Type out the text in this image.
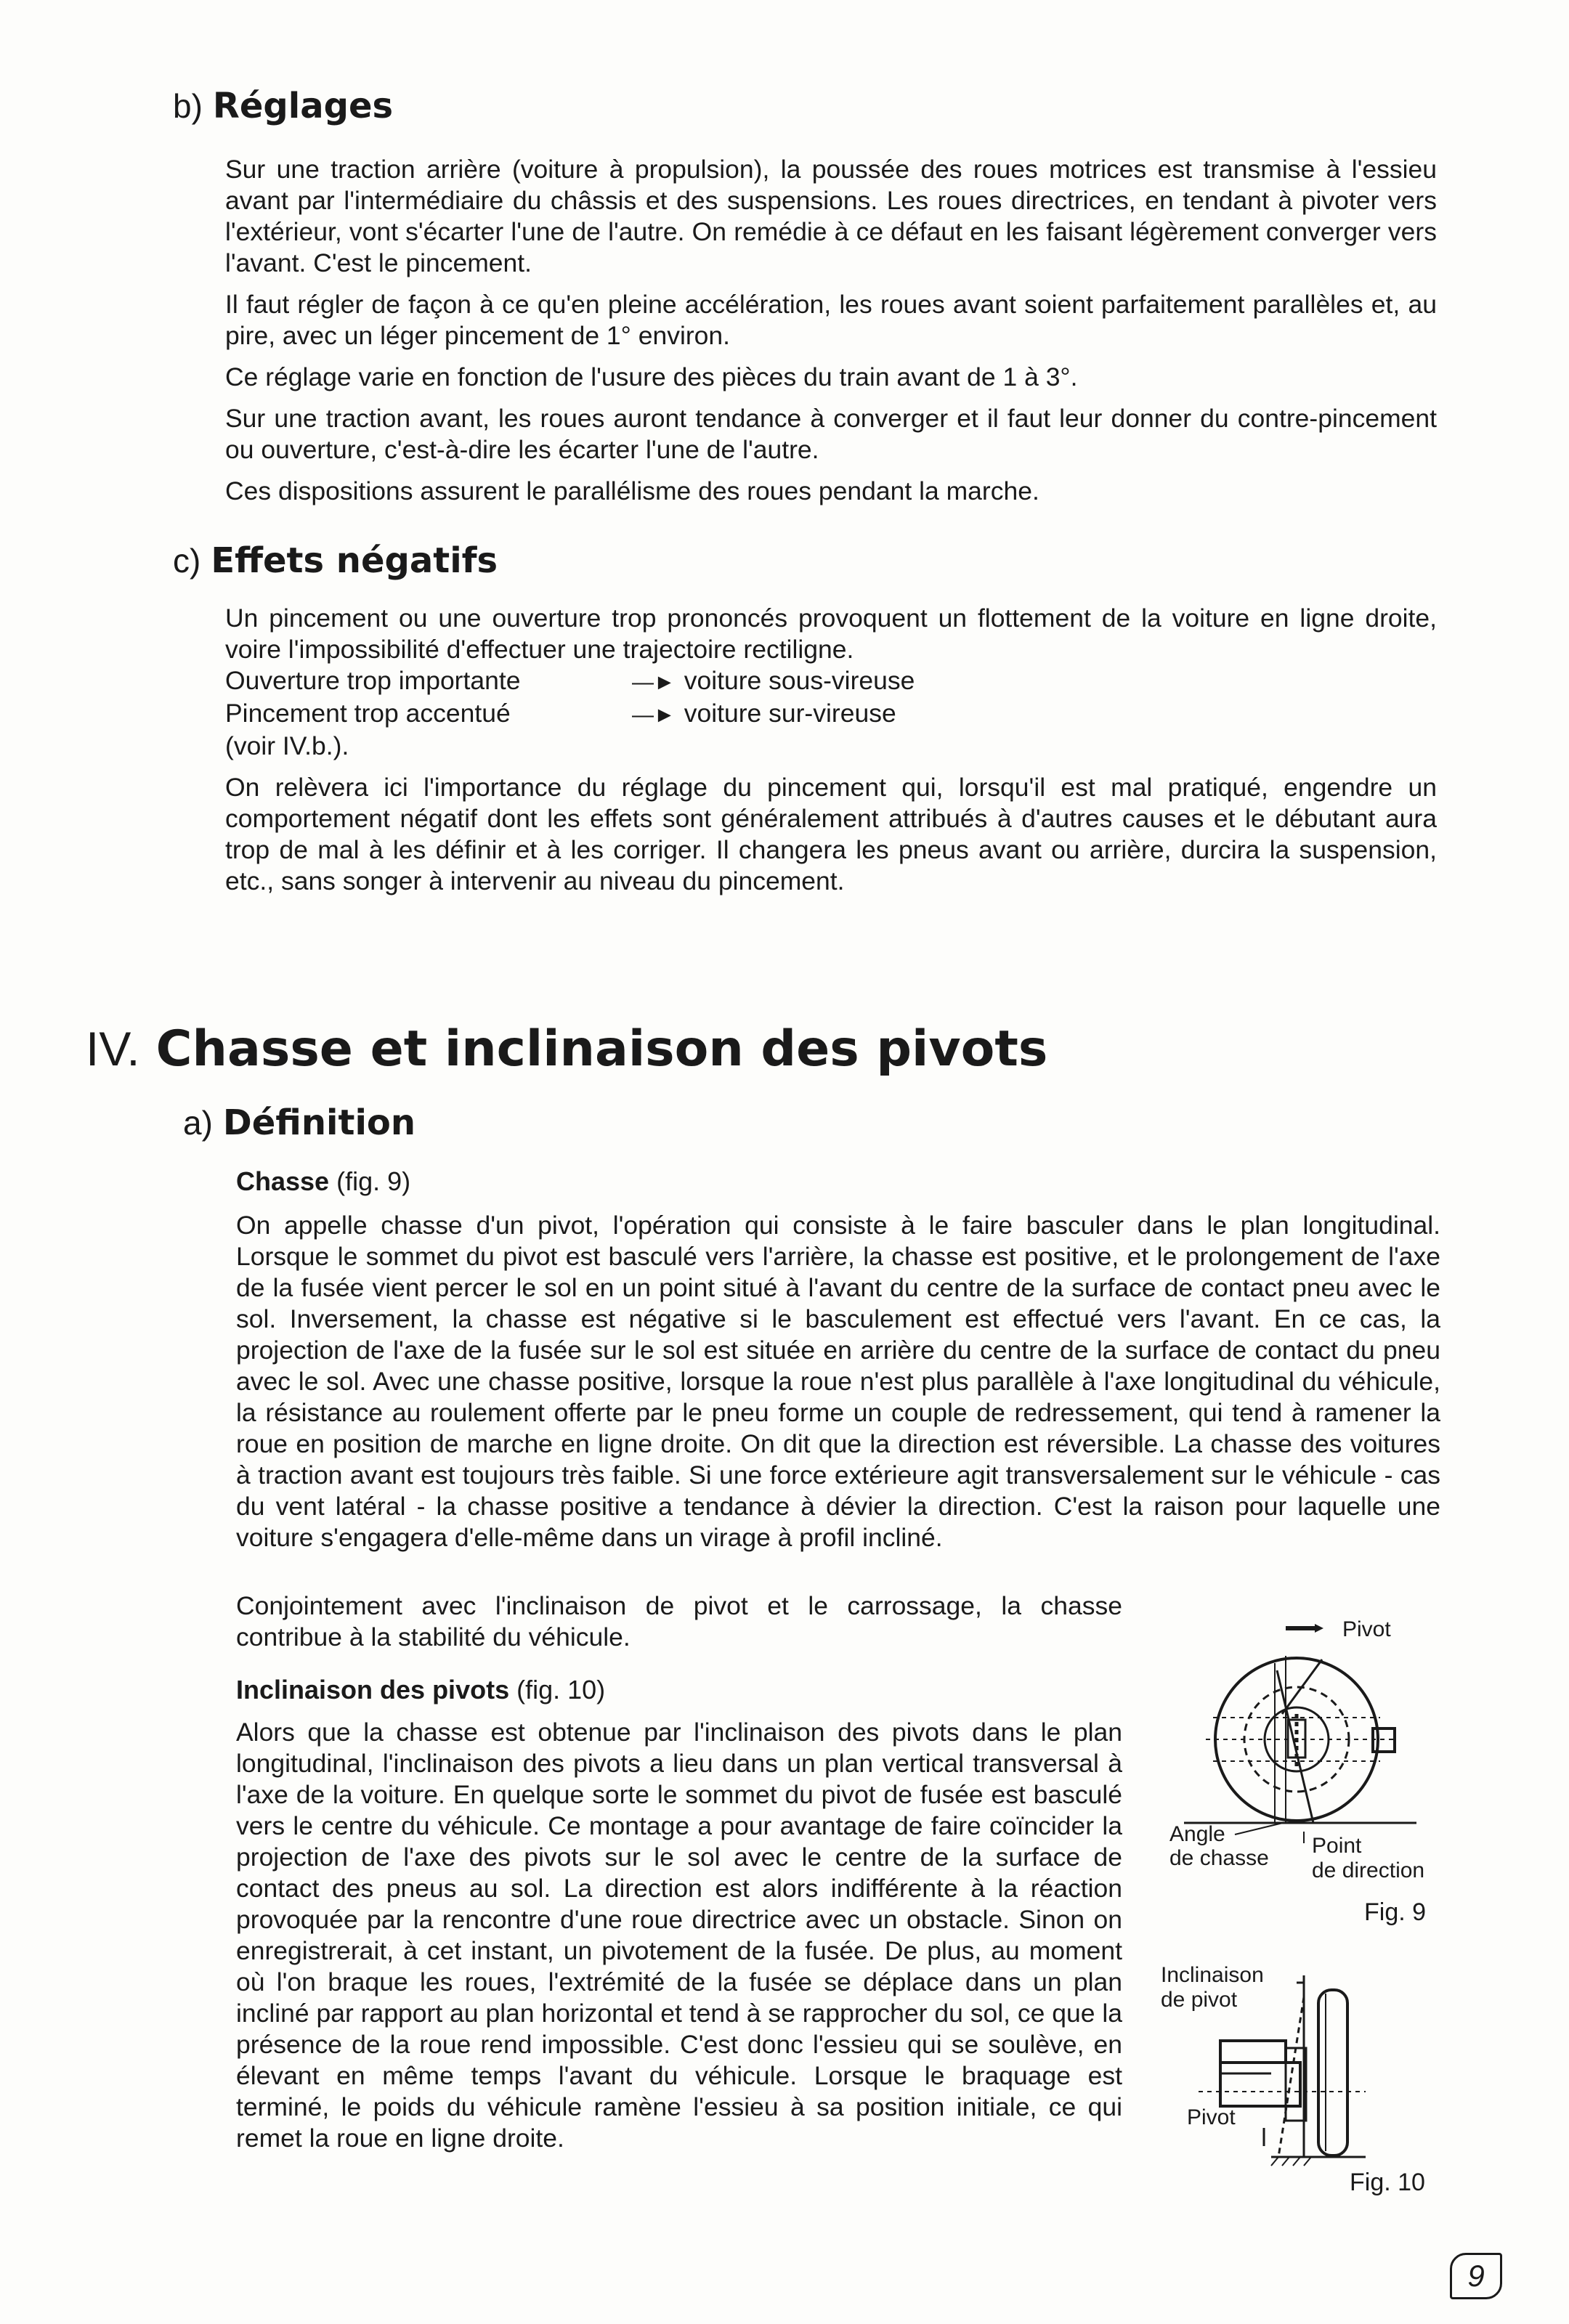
b) Réglages

Sur une traction arrière (voiture à propulsion), la poussée des roues motrices est transmise à l'essieu avant par l'intermédiaire du châssis et des suspensions. Les roues directrices, en tendant à pivoter vers l'extérieur, vont s'écarter l'une de l'autre. On remédie à ce défaut en les faisant légèrement converger vers l'avant. C'est le pincement.

Il faut régler de façon à ce qu'en pleine accélération, les roues avant soient parfaitement parallèles et, au pire, avec un léger pincement de 1° environ.

Ce réglage varie en fonction de l'usure des pièces du train avant de 1 à 3°.

Sur une traction avant, les roues auront tendance à converger et il faut leur donner du contre-pincement ou ouverture, c'est-à-dire les écarter l'une de l'autre.

Ces dispositions assurent le parallélisme des roues pendant la marche.

c) Effets négatifs

Un pincement ou une ouverture trop prononcés provoquent un flottement de la voiture en ligne droite, voire l'impossibilité d'effectuer une trajectoire rectiligne.

Ouverture trop importante	—► voiture sous-vireuse
Pincement trop accentué	—► voiture sur-vireuse

(voir IV.b.).

On relèvera ici l'importance du réglage du pincement qui, lorsqu'il est mal pratiqué, engendre un comportement négatif dont les effets sont généralement attribués à d'autres causes et le débutant aura trop de mal à les définir et à les corriger. Il changera les pneus avant ou arrière, durcira la suspension, etc., sans songer à intervenir au niveau du pincement.

IV. Chasse et inclinaison des pivots
a) Définition
Chasse (fig. 9)

On appelle chasse d'un pivot, l'opération qui consiste à le faire basculer dans le plan longitudinal. Lorsque le sommet du pivot est basculé vers l'arrière, la chasse est positive, et le prolongement de l'axe de la fusée vient percer le sol en un point situé à l'avant du centre de la surface de contact pneu avec le sol. Inversement, la chasse est négative si le basculement est effectué vers l'avant. En ce cas, la projection de l'axe de la fusée sur le sol est située en arrière du centre de la surface de contact du pneu avec le sol. Avec une chasse positive, lorsque la roue n'est plus parallèle à l'axe longitudinal du véhicule, la résistance au roulement offerte par le pneu forme un couple de redressement, qui tend à ramener la roue en position de marche en ligne droite. On dit que la direction est réversible. La chasse des voitures à traction avant est toujours très faible. Si une force extérieure agit transversalement sur le véhicule - cas du vent latéral - la chasse positive a tendance à dévier la direction. C'est la raison pour laquelle une voiture s'engagera d'elle-même dans un virage à profil incliné.

Conjointement avec l'inclinaison de pivot et le carrossage, la chasse contribue à la stabilité du véhicule.

Inclinaison des pivots (fig. 10)

Alors que la chasse est obtenue par l'inclinaison des pivots dans le plan longitudinal, l'inclinaison des pivots a lieu dans un plan vertical transversal à l'axe de la voiture. En quelque sorte le sommet du pivot de fusée est basculé vers le centre du véhicule. Ce montage a pour avantage de faire coïncider la projection de l'axe des pivots sur le sol avec le centre de la surface de contact des pneus au sol. La direction est alors indifférente à la réaction provoquée par la rencontre d'une roue directrice avec un obstacle. Sinon on enregistrerait, à cet instant, un pivotement de la fusée. De plus, au moment où l'on braque les roues, l'extrémité de la fusée se déplace dans un plan incliné par rapport au plan horizontal et tend à se rapprocher du sol, ce que la présence de la roue rend impossible. C'est donc l'essieu qui se soulève, en élevant en même temps l'avant du véhicule. Lorsque le braquage est terminé, le poids du véhicule ramène l'essieu à sa position initiale, ce qui remet la roue en ligne droite.

Pivot
Angle
de chasse
Point
de direction
Fig. 9
Inclinaison
de pivot
Pivot
Fig. 10
9
